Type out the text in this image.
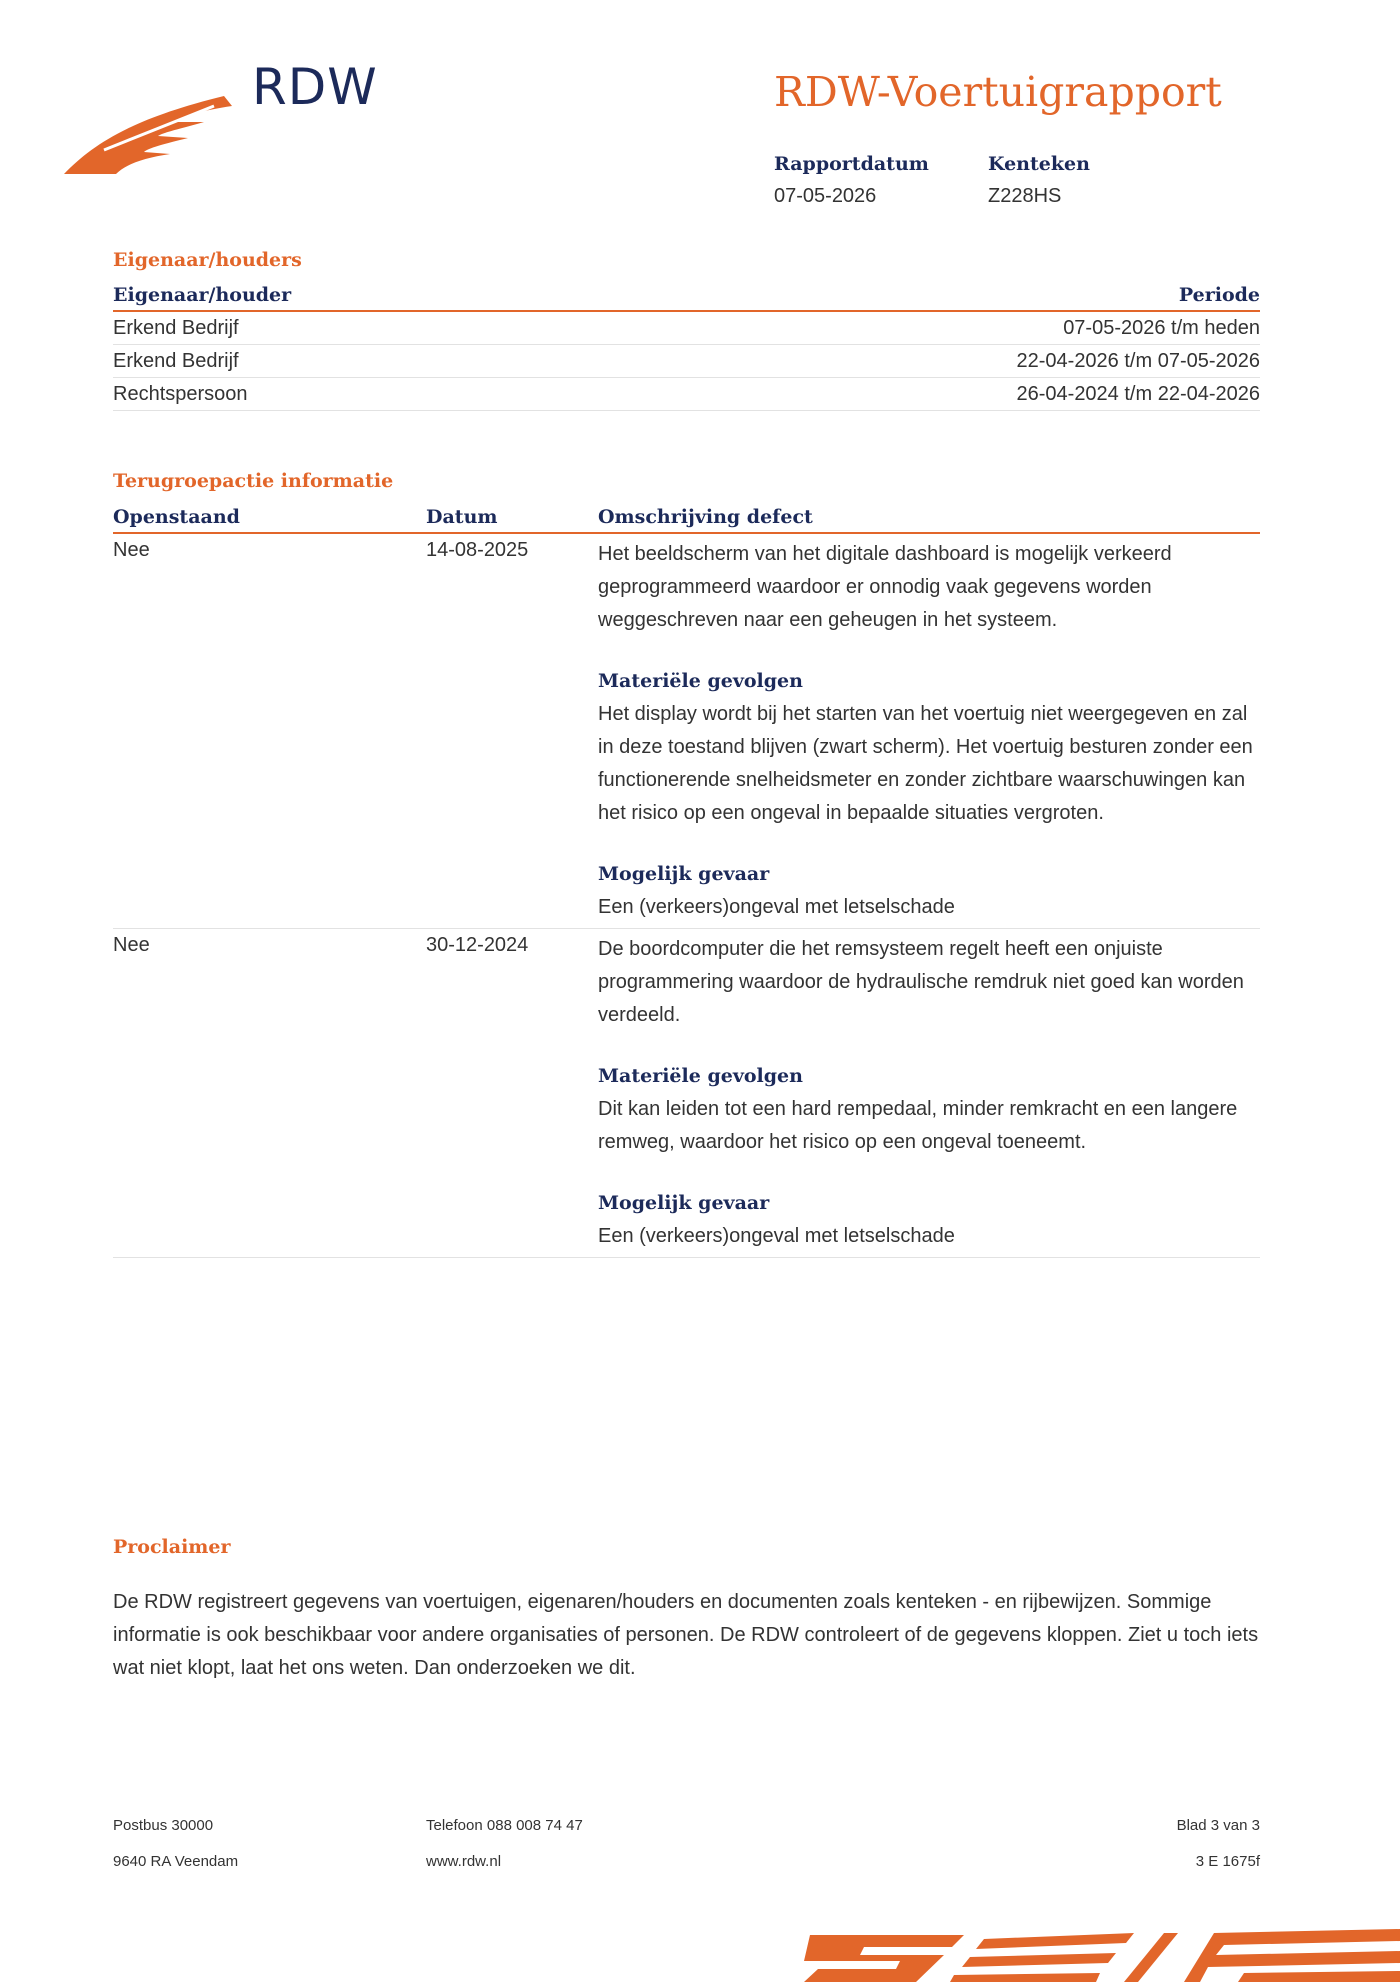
RDW	RDW-Voertuigrapport
Rapportdatum
07-05-2026
Kenteken
Z228HS
Eigenaar/houders
Eigenaar/houder	Periode
Erkend Bedrijf	07-05-2026 t/m heden
Erkend Bedrijf	22-04-2026 t/m 07-05-2026
Rechtspersoon	26-04-2024 t/m 22-04-2026
Terugroepactie informatie
Openstaand	Datum	Omschrijving defect
Nee	14-08-2025	Het beeldscherm van het digitale dashboard is mogelijk verkeerd geprogrammeerd waardoor er onnodig vaak gegevens worden weggeschreven naar een geheugen in het systeem.
Materiële gevolgen
Het display wordt bij het starten van het voertuig niet weergegeven en zal in deze toestand blijven (zwart scherm). Het voertuig besturen zonder een functionerende snelheidsmeter en zonder zichtbare waarschuwingen kan het risico op een ongeval in bepaalde situaties vergroten.
Mogelijk gevaar
Een (verkeers)ongeval met letselschade
Nee	30-12-2024	De boordcomputer die het remsysteem regelt heeft een onjuiste programmering waardoor de hydraulische remdruk niet goed kan worden verdeeld.
Materiële gevolgen
Dit kan leiden tot een hard rempedaal, minder remkracht en een langere remweg, waardoor het risico op een ongeval toeneemt.
Mogelijk gevaar
Een (verkeers)ongeval met letselschade
Proclaimer
De RDW registreert gegevens van voertuigen, eigenaren/houders en documenten zoals kenteken - en rijbewijzen. Sommige informatie is ook beschikbaar voor andere organisaties of personen. De RDW controleert of de gegevens kloppen. Ziet u toch iets wat niet klopt, laat het ons weten. Dan onderzoeken we dit.
Postbus 30000
9640 RA Veendam
Telefoon 088 008 74 47
www.rdw.nl
Blad 3 van 3
3 E 1675f
